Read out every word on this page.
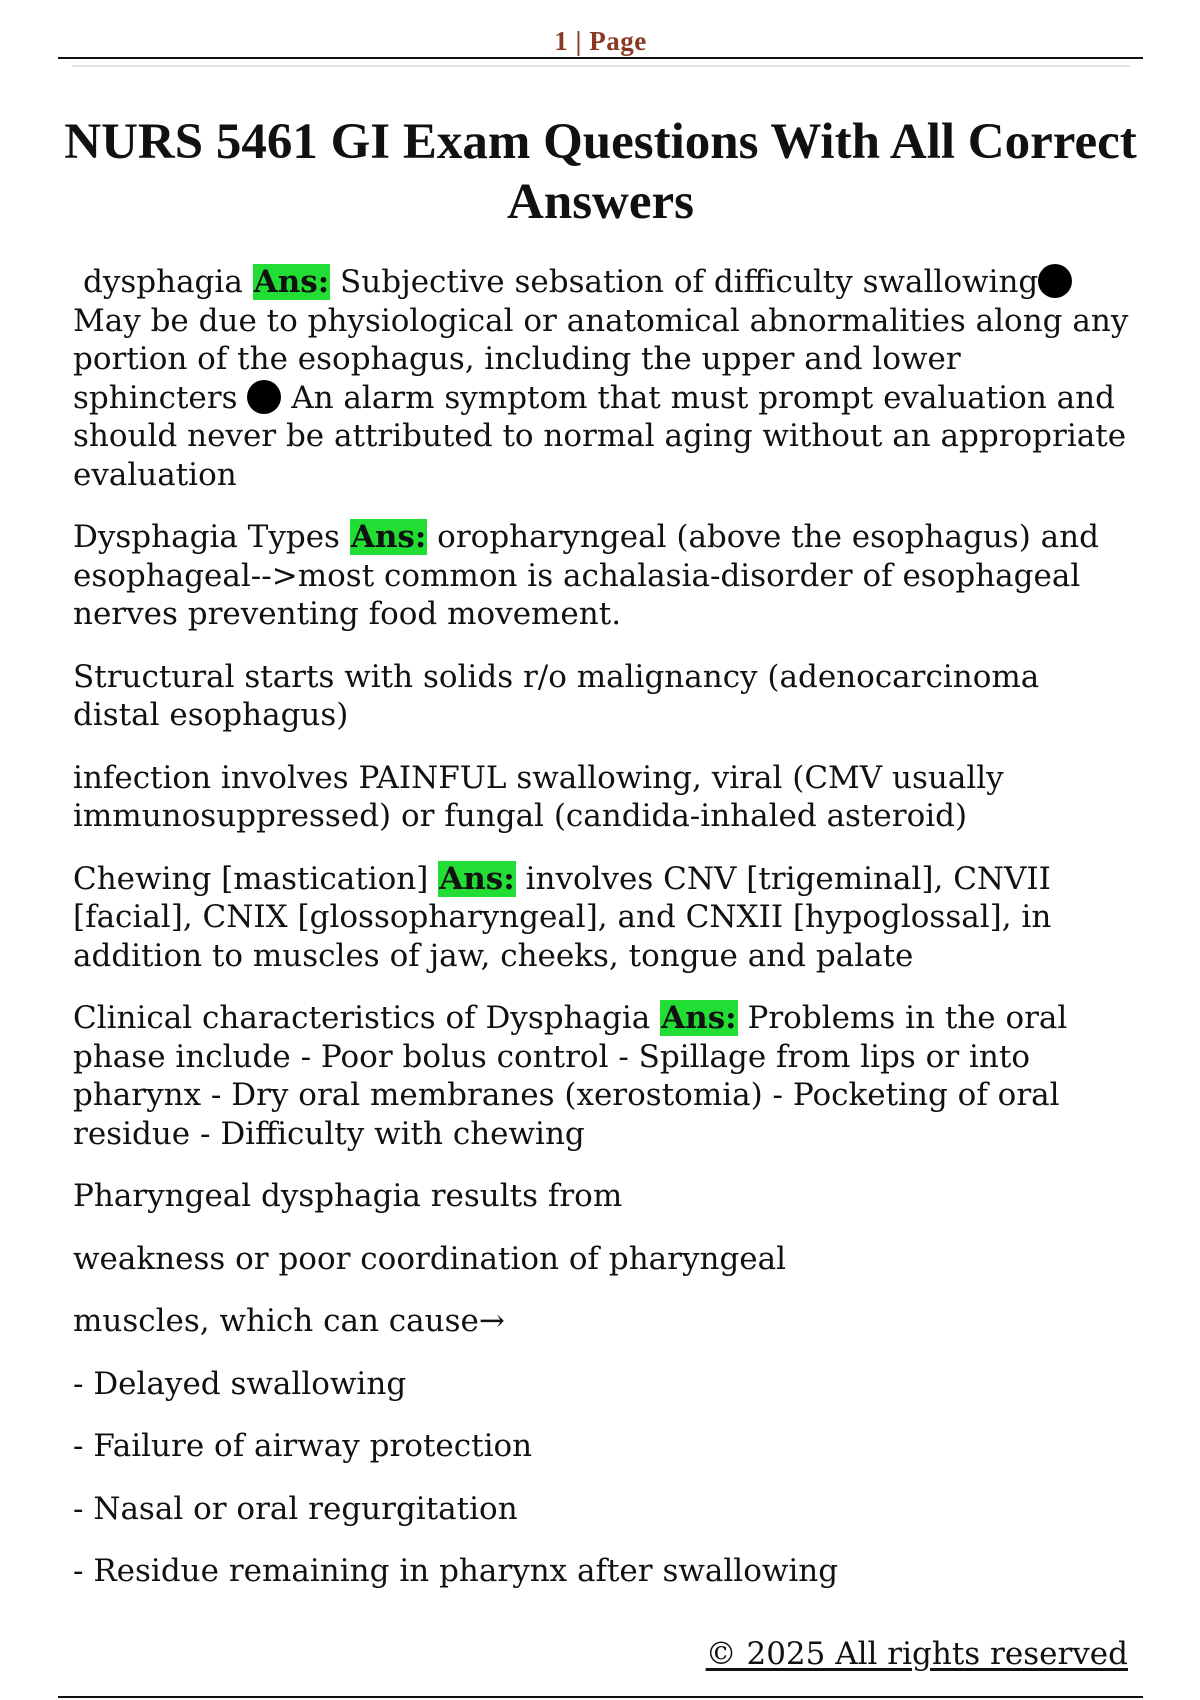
1 | Page
NURS 5461 GI Exam Questions With All Correct Answers

dysphagia Ans: Subjective sebsation of difficulty swallowing May be due to physiological or anatomical abnormalities along any portion of the esophagus, including the upper and lower sphincters An alarm symptom that must prompt evaluation and should never be attributed to normal aging without an appropriate evaluation

Dysphagia Types Ans: oropharyngeal (above the esophagus) and esophageal-->most common is achalasia-disorder of esophageal nerves preventing food movement.

Structural starts with solids r/o malignancy (adenocarcinoma distal esophagus)

infection involves PAINFUL swallowing, viral (CMV usually immunosuppressed) or fungal (candida-inhaled asteroid)

Chewing [mastication] Ans: involves CNV [trigeminal], CNVII [facial], CNIX [glossopharyngeal], and CNXII [hypoglossal], in addition to muscles of jaw, cheeks, tongue and palate

Clinical characteristics of Dysphagia Ans: Problems in the oral phase include - Poor bolus control - Spillage from lips or into pharynx - Dry oral membranes (xerostomia) - Pocketing of oral residue - Difficulty with chewing

Pharyngeal dysphagia results from

weakness or poor coordination of pharyngeal

muscles, which can cause→

- Delayed swallowing

- Failure of airway protection

- Nasal or oral regurgitation

- Residue remaining in pharynx after swallowing

© 2025 All rights reserved
